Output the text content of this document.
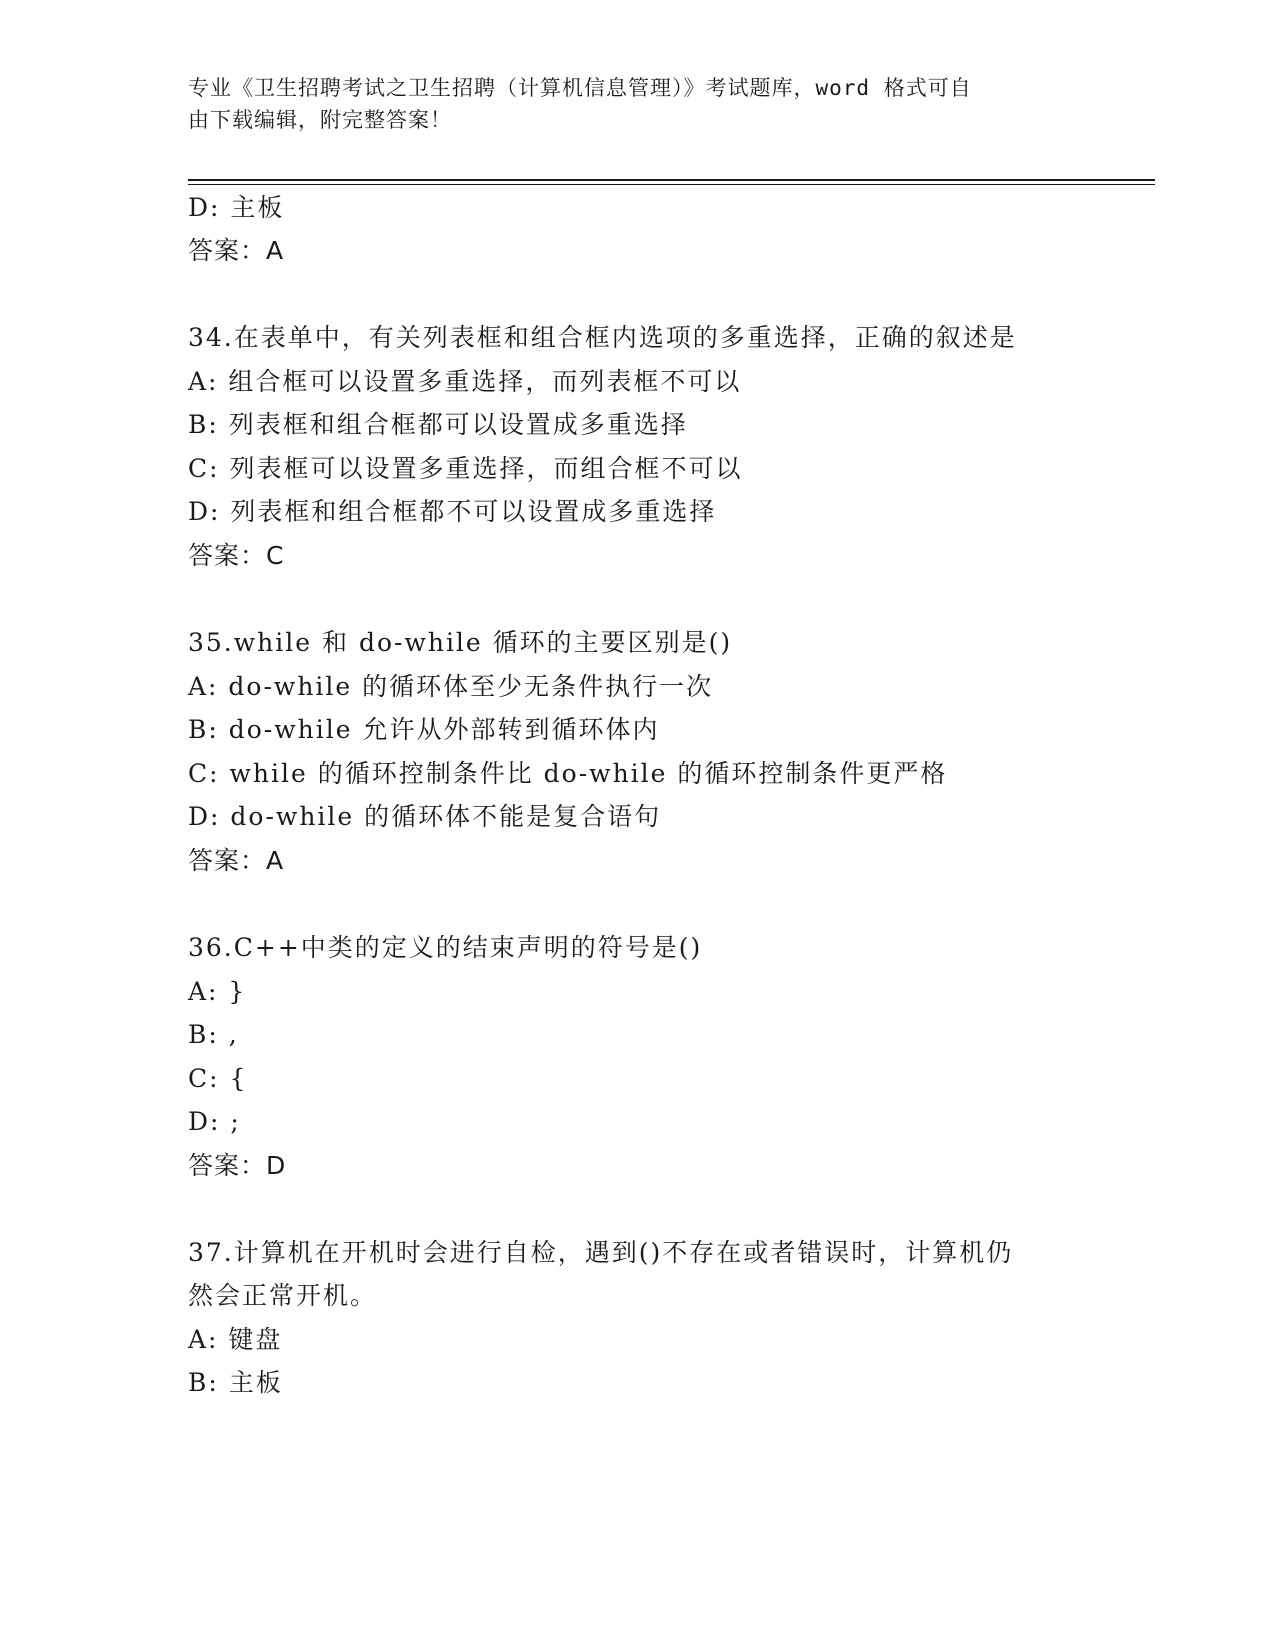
专业《卫生招聘考试之卫生招聘（计算机信息管理）》考试题库，word 格式可自
由下载编辑，附完整答案！
D: 主板
答案：A
34.在表单中，有关列表框和组合框内选项的多重选择，正确的叙述是
A: 组合框可以设置多重选择，而列表框不可以
B: 列表框和组合框都可以设置成多重选择
C: 列表框可以设置多重选择，而组合框不可以
D: 列表框和组合框都不可以设置成多重选择
答案：C
35.while 和 do-while 循环的主要区别是()
A: do-while 的循环体至少无条件执行一次
B: do-while 允许从外部转到循环体内
C: while 的循环控制条件比 do-while 的循环控制条件更严格
D: do-while 的循环体不能是复合语句
答案：A
36.C++中类的定义的结束声明的符号是()
A: }
B: ,
C: {
D: ;
答案：D
37.计算机在开机时会进行自检，遇到()不存在或者错误时，计算机仍
然会正常开机。
A: 键盘
B: 主板
